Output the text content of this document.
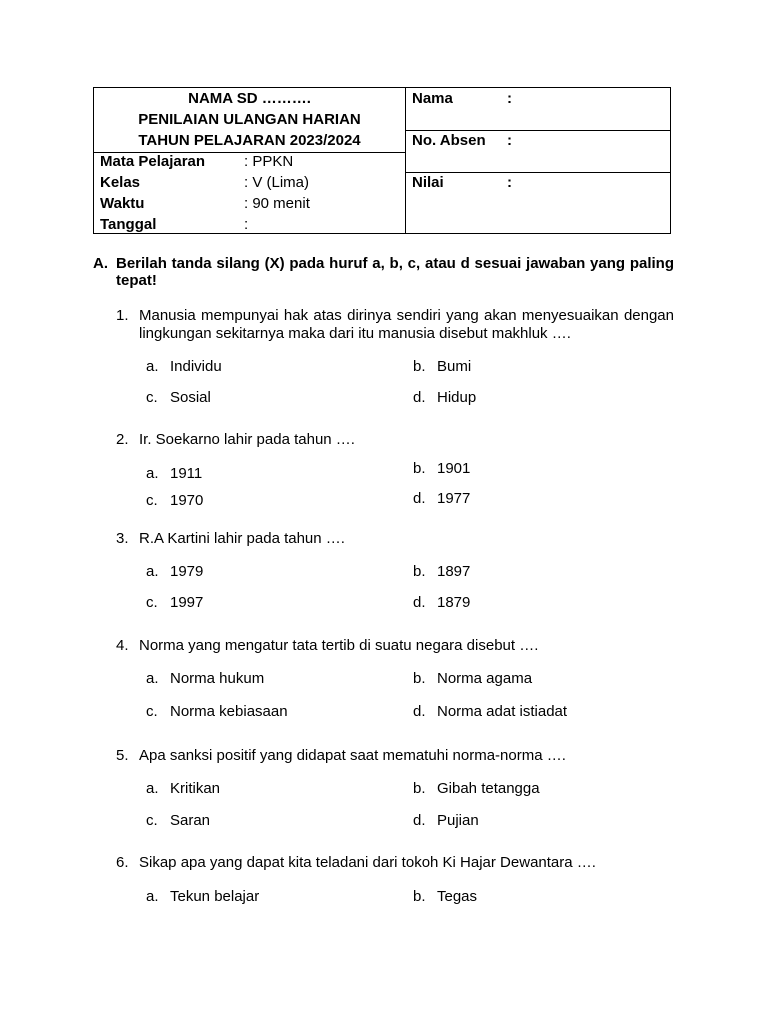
NAMA SD ……….
PENILAIAN ULANGAN HARIAN
TAHUN PELAJARAN 2023/2024
Mata Pelajaran	: PPKN
Kelas	: V (Lima)
Waktu	: 90 menit
Tanggal	:
Nama	:
No. Absen :
Nilai	:
A. Berilah tanda silang (X) pada huruf a, b, c, atau d sesuai jawaban yang paling tepat!
1. Manusia mempunyai hak atas dirinya sendiri yang akan menyesuaikan dengan lingkungan sekitarnya maka dari itu manusia disebut makhluk ….
a. Individu	b. Bumi
c. Sosial	d. Hidup
2. Ir. Soekarno lahir pada tahun ….
a. 1911	b. 1901
c. 1970	d. 1977
3. R.A Kartini lahir pada tahun ….
a. 1979	b. 1897
c. 1997	d. 1879
4. Norma yang mengatur tata tertib di suatu negara disebut ….
a. Norma hukum	b. Norma agama
c. Norma kebiasaan	d. Norma adat istiadat
5. Apa sanksi positif yang didapat saat mematuhi norma-norma ….
a. Kritikan	b. Gibah tetangga
c. Saran	d. Pujian
6. Sikap apa yang dapat kita teladani dari tokoh Ki Hajar Dewantara ….
a. Tekun belajar	b. Tegas
